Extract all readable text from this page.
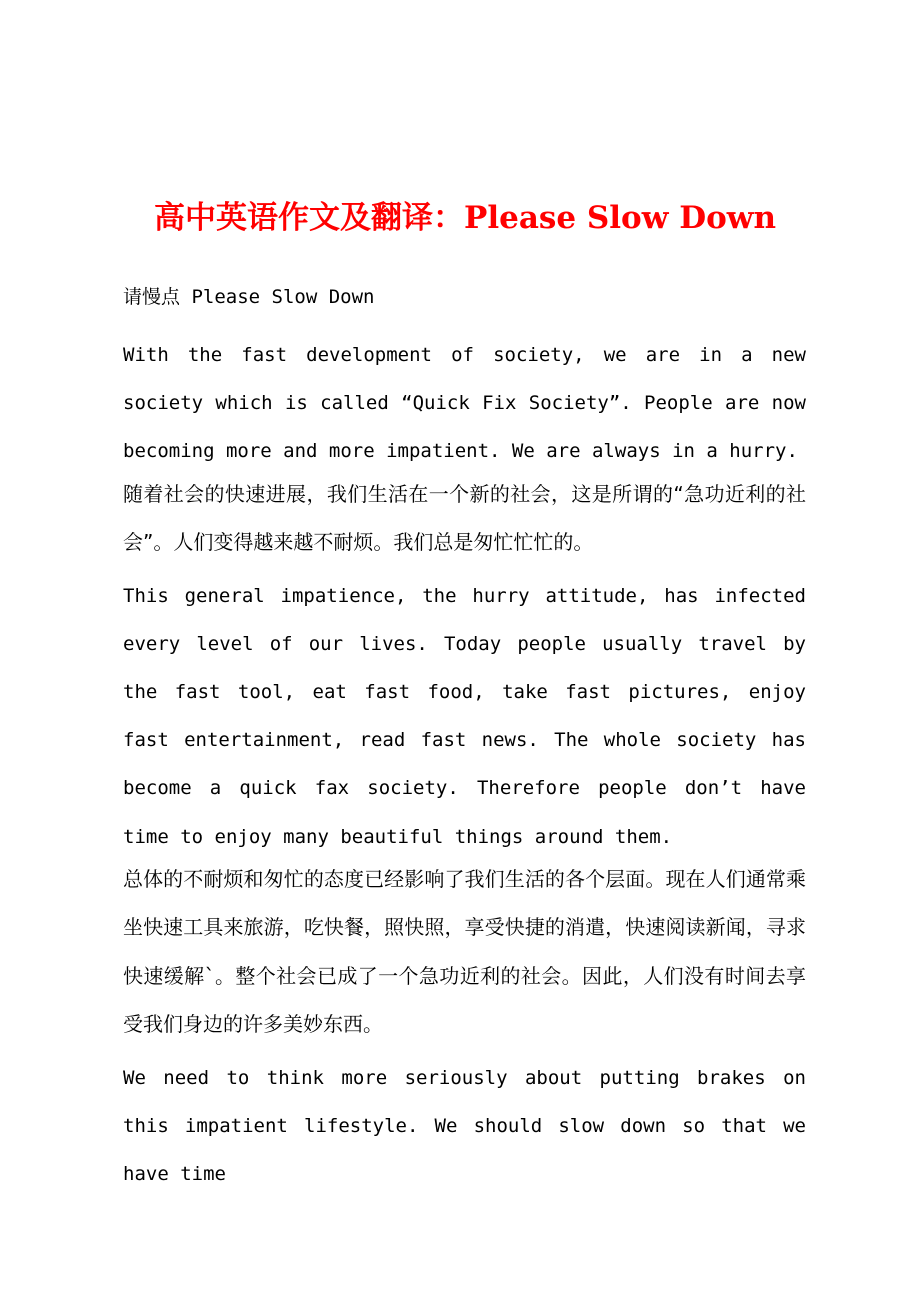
高中英语作文及翻译：Please Slow Down

请慢点 Please Slow Down

With the fast development of society, we are in a new society which is called “Quick Fix Society”. People are now becoming more and more impatient. We are always in a hurry.

随着社会的快速进展，我们生活在一个新的社会，这是所谓的“急功近利的社会”。人们变得越来越不耐烦。我们总是匆忙忙忙的。

This general impatience, the hurry attitude, has infected every level of our lives. Today people usually travel by the fast tool, eat fast food, take fast pictures, enjoy fast entertainment, read fast news. The whole society has become a quick fax society. Therefore people don’t have time to enjoy many beautiful things around them.

总体的不耐烦和匆忙的态度已经影响了我们生活的各个层面。现在人们通常乘坐快速工具来旅游，吃快餐，照快照，享受快捷的消遣，快速阅读新闻，寻求快速缓解`。整个社会已成了一个急功近利的社会。因此，人们没有时间去享受我们身边的许多美妙东西。

We need to think more seriously about putting brakes on this impatient lifestyle. We should slow down so that we have time
